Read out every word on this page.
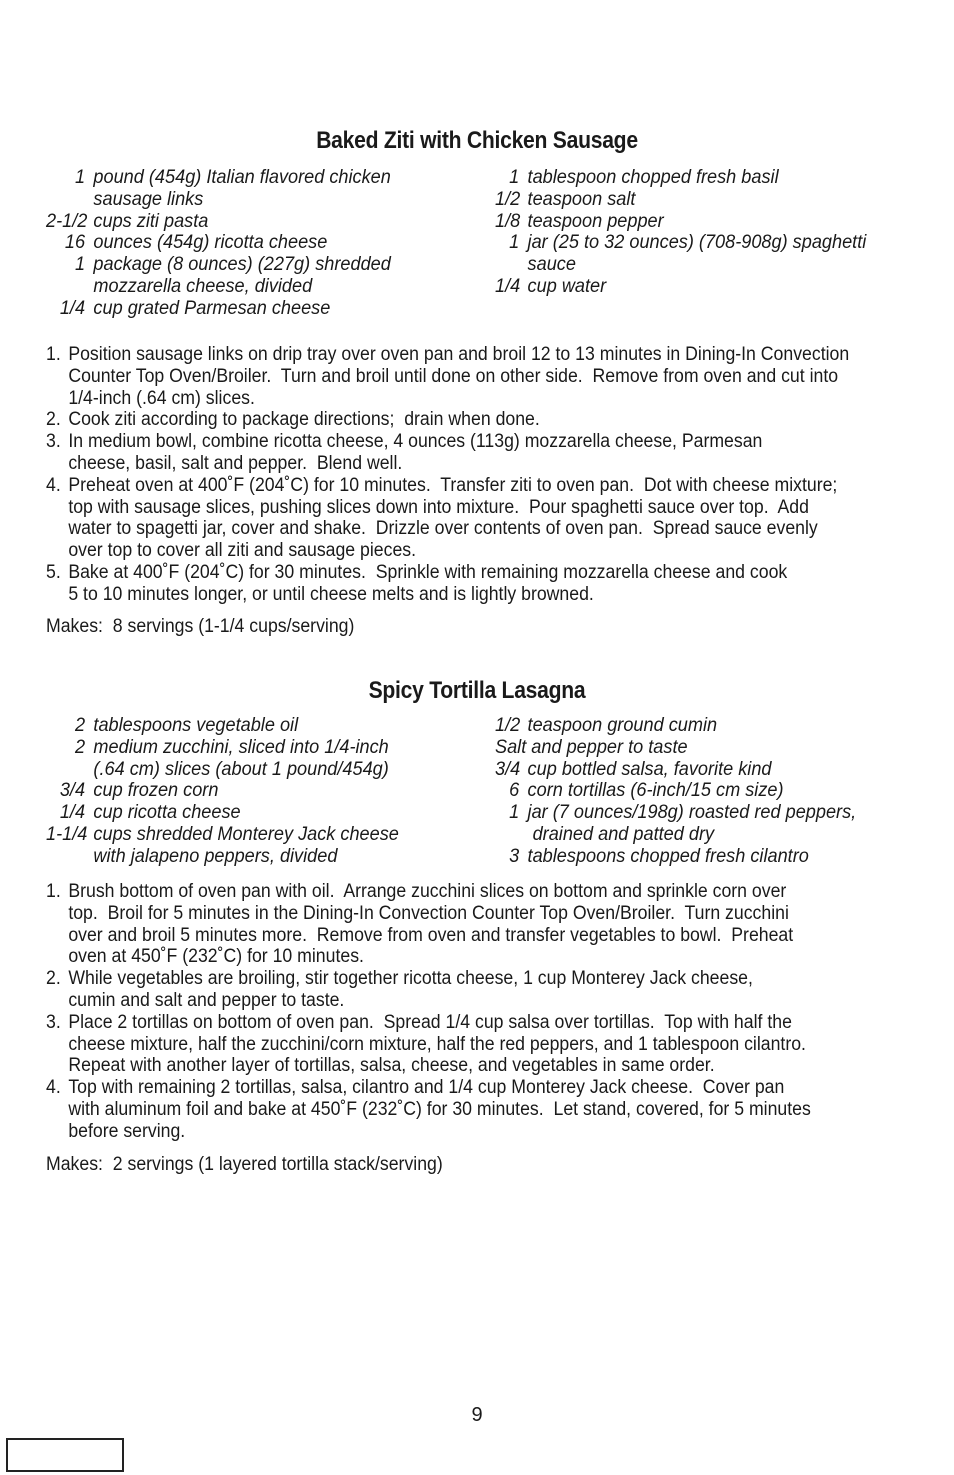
Baked Ziti with Chicken Sausage
1 pound (454g) Italian flavored chicken
sausage links
2-1/2 cups ziti pasta
16 ounces (454g) ricotta cheese
1 package (8 ounces) (227g) shredded
mozzarella cheese, divided
1/4 cup grated Parmesan cheese
1 tablespoon chopped fresh basil
1/2 teaspoon salt
1/8 teaspoon pepper
1 jar (25 to 32 ounces) (708-908g) spaghetti
sauce
1/4 cup water
1. Position sausage links on drip tray over oven pan and broil 12 to 13 minutes in Dining-In Convection
Counter Top Oven/Broiler.  Turn and broil until done on other side.  Remove from oven and cut into
1/4-inch (.64 cm) slices.
2. Cook ziti according to package directions;  drain when done.
3. In medium bowl, combine ricotta cheese, 4 ounces (113g) mozzarella cheese, Parmesan
cheese, basil, salt and pepper.  Blend well.
4. Preheat oven at 400˚F (204˚C) for 10 minutes.  Transfer ziti to oven pan.  Dot with cheese mixture;
top with sausage slices, pushing slices down into mixture.  Pour spaghetti sauce over top.  Add
water to spagetti jar, cover and shake.  Drizzle over contents of oven pan.  Spread sauce evenly
over top to cover all ziti and sausage pieces.
5. Bake at 400˚F (204˚C) for 30 minutes.  Sprinkle with remaining mozzarella cheese and cook
5 to 10 minutes longer, or until cheese melts and is lightly browned.
Makes:  8 servings (1-1/4 cups/serving)
Spicy Tortilla Lasagna
2 tablespoons vegetable oil
2 medium zucchini, sliced into 1/4-inch
(.64 cm) slices (about 1 pound/454g)
3/4 cup frozen corn
1/4 cup ricotta cheese
1-1/4 cups shredded Monterey Jack cheese
with jalapeno peppers, divided
1/2 teaspoon ground cumin
Salt and pepper to taste
3/4 cup bottled salsa, favorite kind
6 corn tortillas (6-inch/15 cm size)
1 jar (7 ounces/198g) roasted red peppers,
drained and patted dry
3 tablespoons chopped fresh cilantro
1. Brush bottom of oven pan with oil.  Arrange zucchini slices on bottom and sprinkle corn over
top.  Broil for 5 minutes in the Dining-In Convection Counter Top Oven/Broiler.  Turn zucchini
over and broil 5 minutes more.  Remove from oven and transfer vegetables to bowl.  Preheat
oven at 450˚F (232˚C) for 10 minutes.
2. While vegetables are broiling, stir together ricotta cheese, 1 cup Monterey Jack cheese,
cumin and salt and pepper to taste.
3. Place 2 tortillas on bottom of oven pan.  Spread 1/4 cup salsa over tortillas.  Top with half the
cheese mixture, half the zucchini/corn mixture, half the red peppers, and 1 tablespoon cilantro.
Repeat with another layer of tortillas, salsa, cheese, and vegetables in same order.
4. Top with remaining 2 tortillas, salsa, cilantro and 1/4 cup Monterey Jack cheese.  Cover pan
with aluminum foil and bake at 450˚F (232˚C) for 30 minutes.  Let stand, covered, for 5 minutes
before serving.
Makes:  2 servings (1 layered tortilla stack/serving)
9
